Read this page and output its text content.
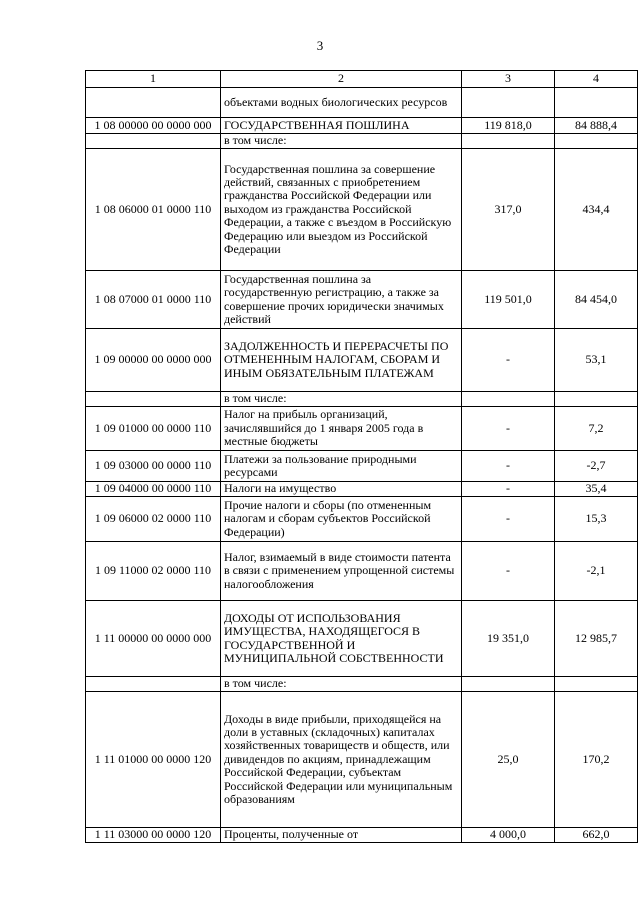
3
1	2	3	4
	объектами водных биологических ресурсов		
1 08 00000 00 0000 000	ГОСУДАРСТВЕННАЯ ПОШЛИНА	119 818,0	84 888,4
	в том числе:		
1 08 06000 01 0000 110	Государственная пошлина за совершение действий, связанных с приобретением гражданства Российской Федерации или выходом из гражданства Российской Федерации, а также с въездом в Российскую Федерацию или выездом из Российской Федерации	317,0	434,4
1 08 07000 01 0000 110	Государственная пошлина за государственную регистрацию, а также за совершение прочих юридически значимых действий	119 501,0	84 454,0
1 09 00000 00 0000 000	ЗАДОЛЖЕННОСТЬ И ПЕРЕРАСЧЕТЫ ПО ОТМЕНЕННЫМ НАЛОГАМ, СБОРАМ И ИНЫМ ОБЯЗАТЕЛЬНЫМ ПЛАТЕЖАМ	-	53,1
	в том числе:		
1 09 01000 00 0000 110	Налог на прибыль организаций, зачислявшийся до 1 января 2005 года в местные бюджеты	-	7,2
1 09 03000 00 0000 110	Платежи за пользование природными ресурсами	-	-2,7
1 09 04000 00 0000 110	Налоги на имущество	-	35,4
1 09 06000 02 0000 110	Прочие налоги и сборы (по отмененным налогам и сборам субъектов Российской Федерации)	-	15,3
1 09 11000 02 0000 110	Налог, взимаемый в виде стоимости патента в связи с применением упрощенной системы налогообложения	-	-2,1
1 11 00000 00 0000 000	ДОХОДЫ ОТ ИСПОЛЬЗОВАНИЯ ИМУЩЕСТВА, НАХОДЯЩЕГОСЯ В ГОСУДАРСТВЕННОЙ И МУНИЦИПАЛЬНОЙ СОБСТВЕННОСТИ	19 351,0	12 985,7
	в том числе:		
1 11 01000 00 0000 120	Доходы в виде прибыли, приходящейся на доли в уставных (складочных) капиталах хозяйственных товариществ и обществ, или дивидендов по акциям, принадлежащим Российской Федерации, субъектам Российской Федерации или муниципальным образованиям	25,0	170,2
1 11 03000 00 0000 120	Проценты, полученные от	4 000,0	662,0
